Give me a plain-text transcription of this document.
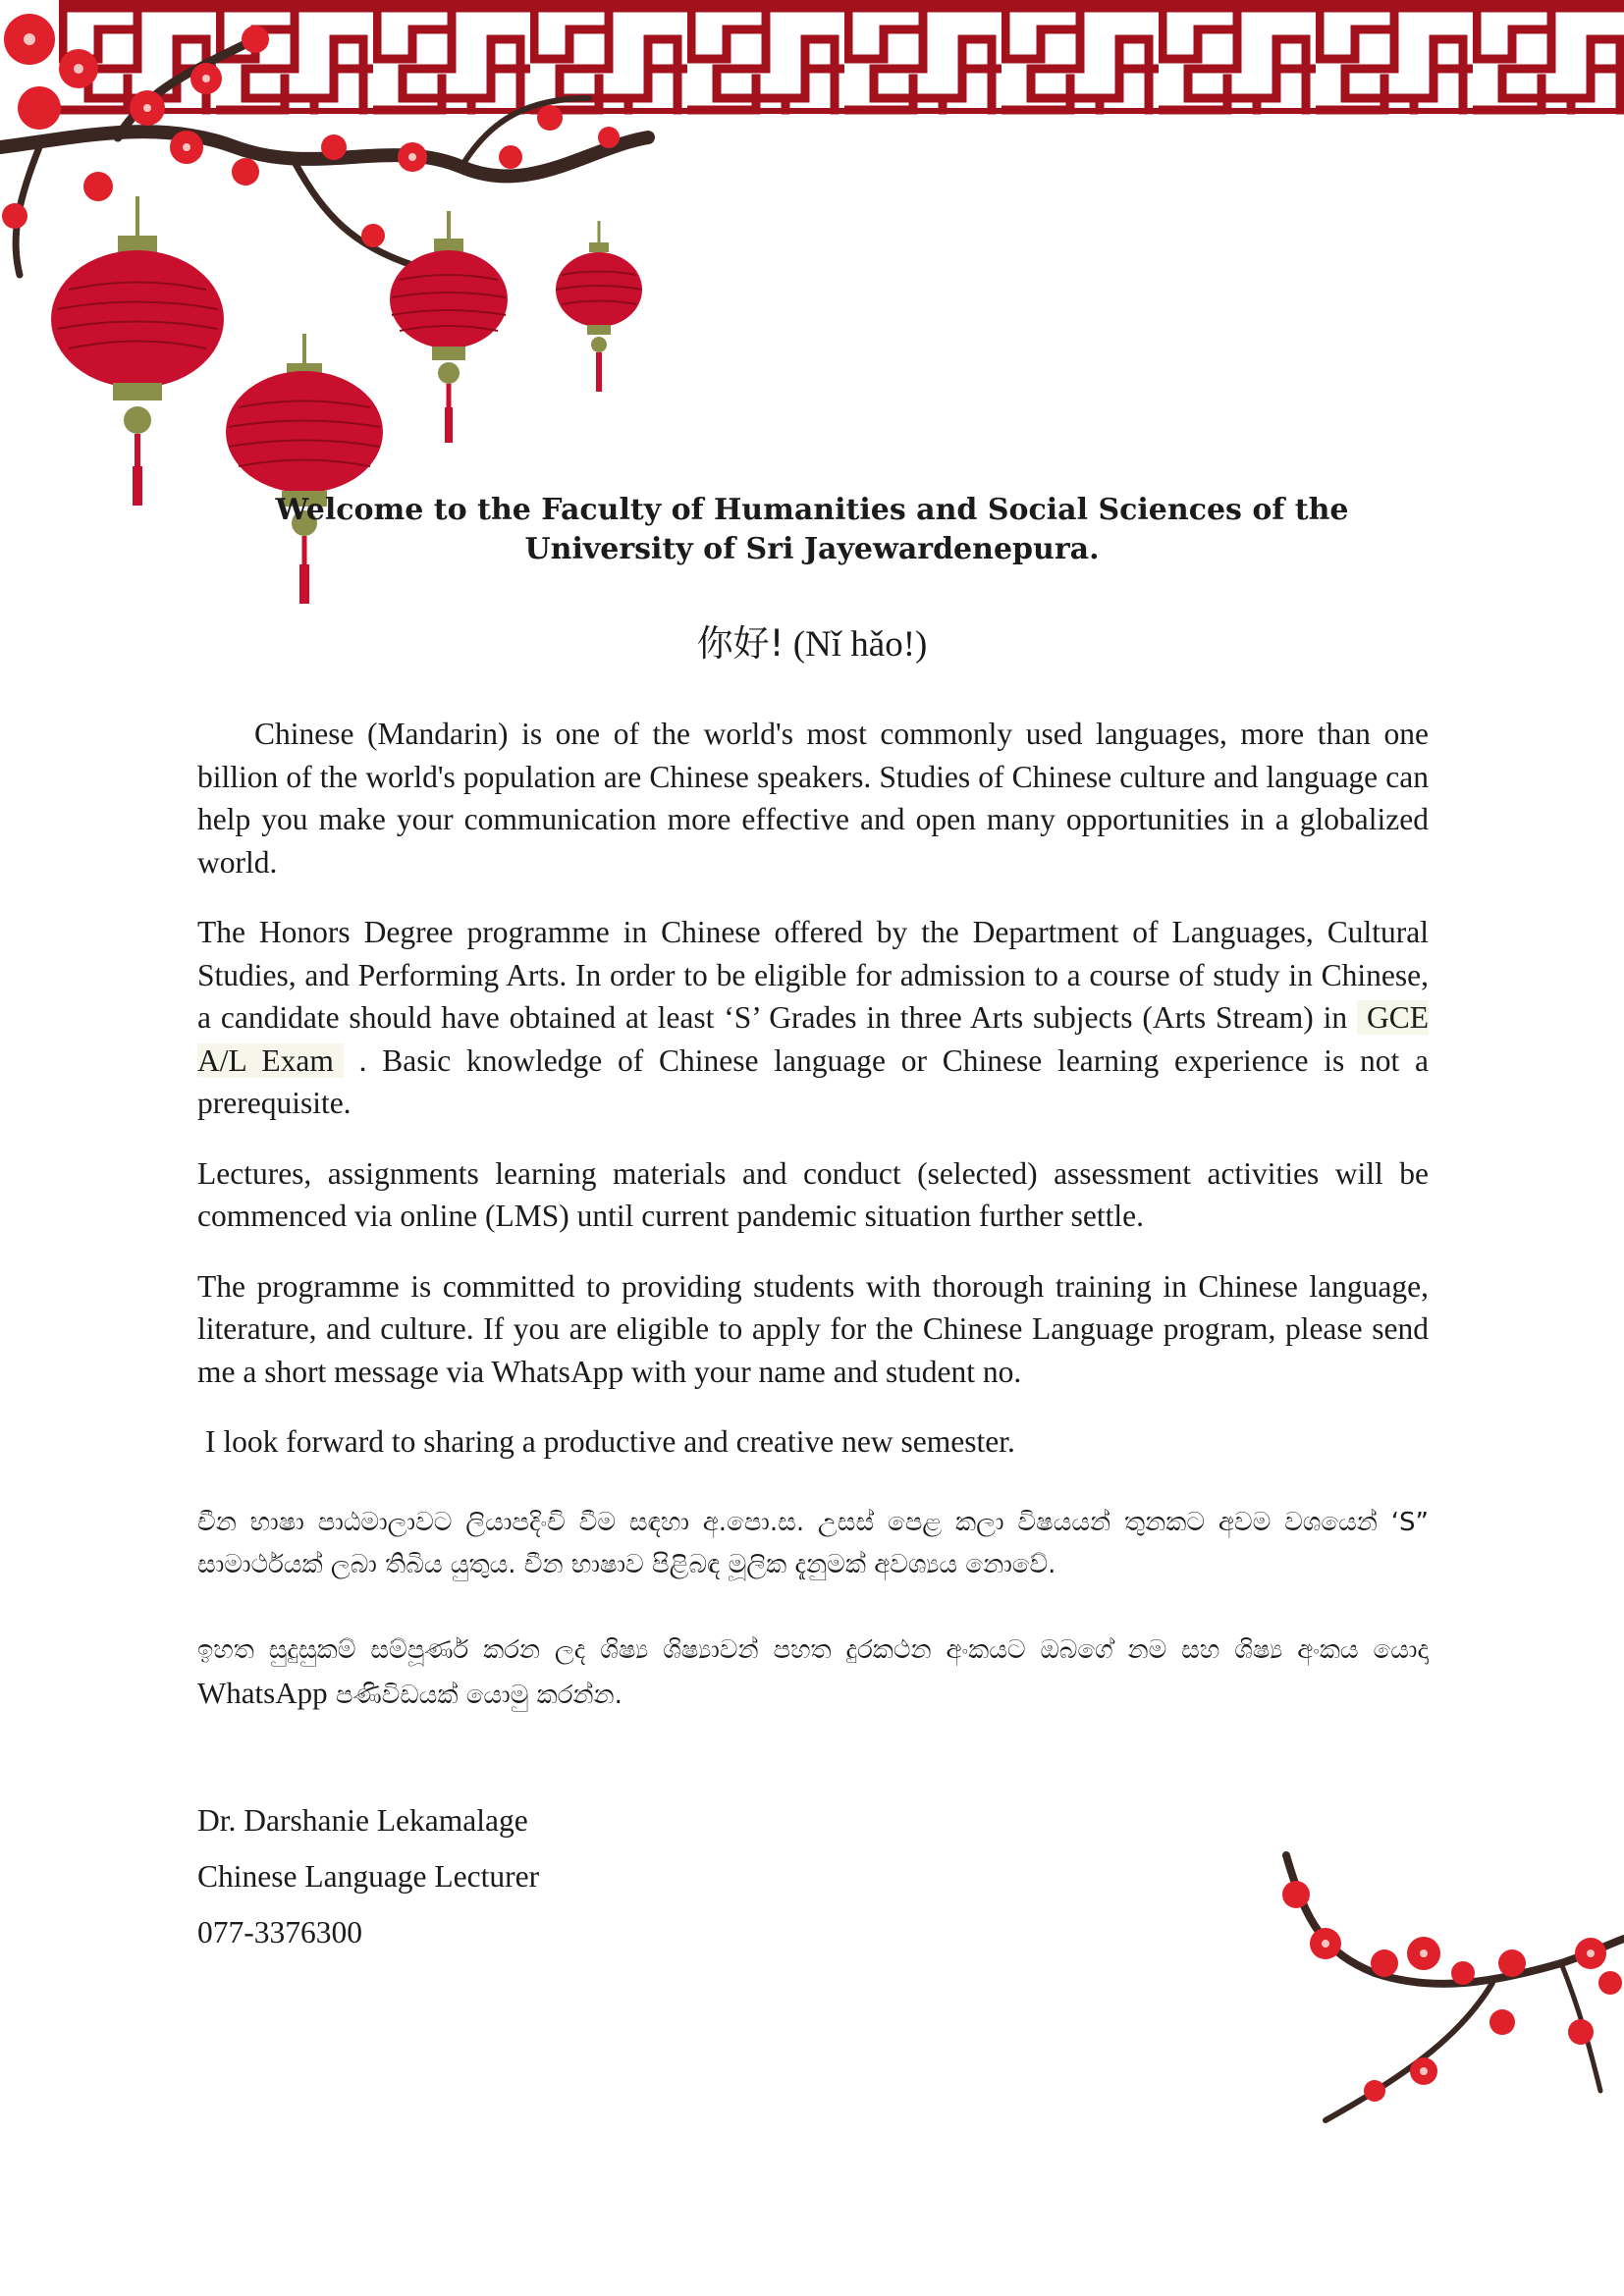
Welcome to the Faculty of Humanities and Social Sciences of the
University of Sri Jayewardenepura.
你好! (Nǐ hǎo!)

Chinese (Mandarin) is one of the world's most commonly used languages, more than one billion of the world's population are Chinese speakers. Studies of Chinese culture and language can help you make your communication more effective and open many opportunities in a globalized world.

The Honors Degree programme in Chinese offered by the Department of Languages, Cultural Studies, and Performing Arts. In order to be eligible for admission to a course of study in Chinese, a candidate should have obtained at least ‘S’ Grades in three Arts subjects (Arts Stream) in GCE A/L Exam . Basic knowledge of Chinese language or Chinese learning experience is not a prerequisite.

Lectures, assignments learning materials and conduct (selected) assessment activities will be commenced via online (LMS) until current pandemic situation further settle.

The programme is committed to providing students with thorough training in Chinese language, literature, and culture. If you are eligible to apply for the Chinese Language program, please send me a short message via WhatsApp with your name and student no.

I look forward to sharing a productive and creative new semester.

චීන භාෂා පාඨමාලාවට ලියාපදිංචි වීම සඳහා අ.පො.ස. උසස් පෙළ කලා විෂයයන් තුනකට අවම වශයෙන් ‘S” සාමාර්ථයක් ලබා තිබිය යුතුය. චීන භාෂාව පිළිබඳ මූලික දැනුමක් අවශ්‍යය නොවේ.
ඉහත සුදුසුකම් සම්පූර්ණ කරන ලද ශිෂ්‍ය ශිෂ්‍යාවන් පහත දුරකථන අංකයට ඔබගේ නම සහ ශිෂ්‍ය අංකය යොදා WhatsApp පණිවිඩයක් යොමු කරන්න.
Dr. Darshanie Lekamalage
Chinese Language Lecturer
077-3376300
